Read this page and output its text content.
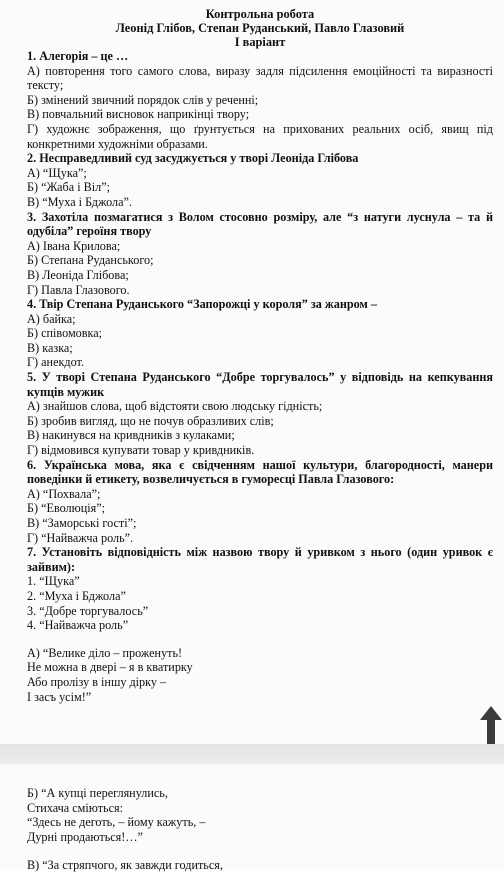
Контрольна робота
Леонід Глібов, Степан Руданський, Павло Глазовий
І варіант
1. Алегорія – це …

А) повторення того самого слова, виразу задля підсилення емоційності та виразності тексту;

Б) змінений звичний порядок слів у реченні;

В) повчальний висновок наприкінці твору;

Г) художнє зображення, що ґрунтується на прихованих реальних осіб, явищ під конкретними художніми образами.

2. Несправедливий суд засуджується у творі Леоніда Глібова

А) “Щука”;

Б) “Жаба і Віл”;

В) “Муха і Бджола”.

3. Захотіла позмагатися з Волом стосовно розміру, але “з натуги луснула – та й одубіла” героїня твору

А) Івана Крилова;

Б) Степана Руданського;

В) Леоніда Глібова;

Г) Павла Глазового.

4. Твір Степана Руданського “Запорожці у короля” за жанром –

А) байка;

Б) співомовка;

В) казка;

Г) анекдот.

5. У творі Степана Руданського “Добре торгувалось” у відповідь на кепкування купців мужик

А) знайшов слова, щоб відстояти свою людську гідність;

Б) зробив вигляд, що не почув образливих слів;

В) накинувся на кривдників з кулаками;

Г) відмовився купувати товар у кривдників.

6. Українська мова, яка є свідченням нашої культури, благородності, манери поведінки й етикету, возвеличується в гуморесці Павла Глазового:

А) “Похвала”;

Б) “Еволюція”;

В) “Заморські гості”;

Г) “Найважча роль”.

7. Установіть відповідність між назвою твору й уривком з нього (один уривок є зайвим):

1. “Щука”

2. “Муха і Бджола”

3. “Добре торгувалось”

4. “Найважча роль”

А) “Велике діло – проженуть!

Не можна в двері – я в кватирку

Або пролізу в іншу дірку –

І засъ усім!”

Б) “А купці переглянулись,

Стихача сміються:

“Здесь не деготь, – йому кажуть, –

Дурні продаються!…”

В) “За стряпчого, як завжди годиться,
